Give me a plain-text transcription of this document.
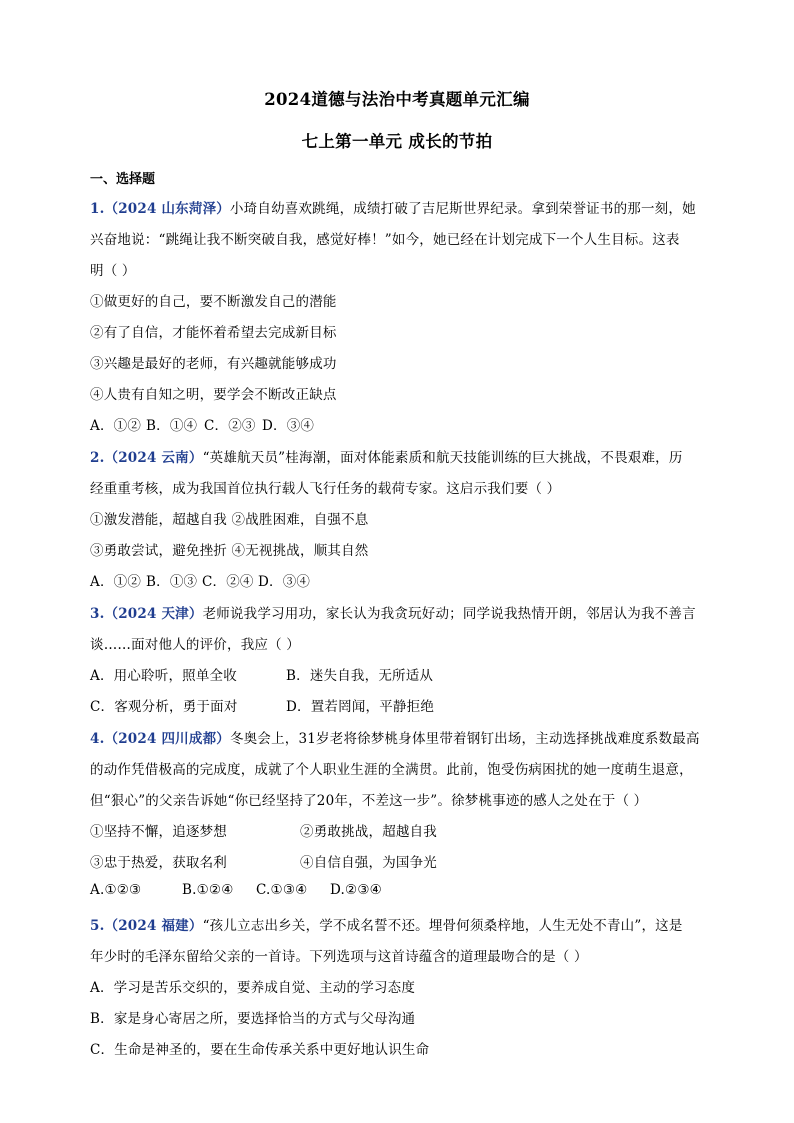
2024道德与法治中考真题单元汇编
七上第一单元 成长的节拍
一、选择题
1.（2024 山东菏泽）小琦自幼喜欢跳绳，成绩打破了吉尼斯世界纪录。拿到荣誉证书的那一刻，她
兴奋地说：“跳绳让我不断突破自我，感觉好棒！”如今，她已经在计划完成下一个人生目标。这表
明（ ）
①做更好的自己，要不断激发自己的潜能
②有了自信，才能怀着希望去完成新目标
③兴趣是最好的老师，有兴趣就能够成功
④人贵有自知之明，要学会不断改正缺点
A．①② B．①④ C．②③ D．③④
2.（2024 云南）“英雄航天员”桂海潮，面对体能素质和航天技能训练的巨大挑战，不畏艰难，历
经重重考核，成为我国首位执行载人飞行任务的载荷专家。这启示我们要（ ）
①激发潜能，超越自我 ②战胜困难，自强不息
③勇敢尝试，避免挫折 ④无视挑战，顺其自然
A．①② B．①③ C．②④ D．③④
3.（2024 天津）老师说我学习用功，家长认为我贪玩好动；同学说我热情开朗，邻居认为我不善言
谈……面对他人的评价，我应（ ）
A．用心聆听，照单全收	B．迷失自我，无所适从
C．客观分析，勇于面对	D．置若罔闻，平静拒绝
4.（2024 四川成都）冬奥会上，31岁老将徐梦桃身体里带着钢钉出场，主动选择挑战难度系数最高
的动作凭借极高的完成度，成就了个人职业生涯的全满贯。此前，饱受伤病困扰的她一度萌生退意，
但“狠心”的父亲告诉她“你已经坚持了20年，不差这一步”。徐梦桃事迹的感人之处在于（ ）
①坚持不懈，追逐梦想	②勇敢挑战，超越自我
③忠于热爱，获取名利	④自信自强，为国争光
A.①②③	B.①②④ C.①③④ D.②③④
5.（2024 福建）“孩儿立志出乡关，学不成名誓不还。埋骨何须桑梓地，人生无处不青山”，这是
年少时的毛泽东留给父亲的一首诗。下列选项与这首诗蕴含的道理最吻合的是（ ）
A．学习是苦乐交织的，要养成自觉、主动的学习态度
B．家是身心寄居之所，要选择恰当的方式与父母沟通
C．生命是神圣的，要在生命传承关系中更好地认识生命
